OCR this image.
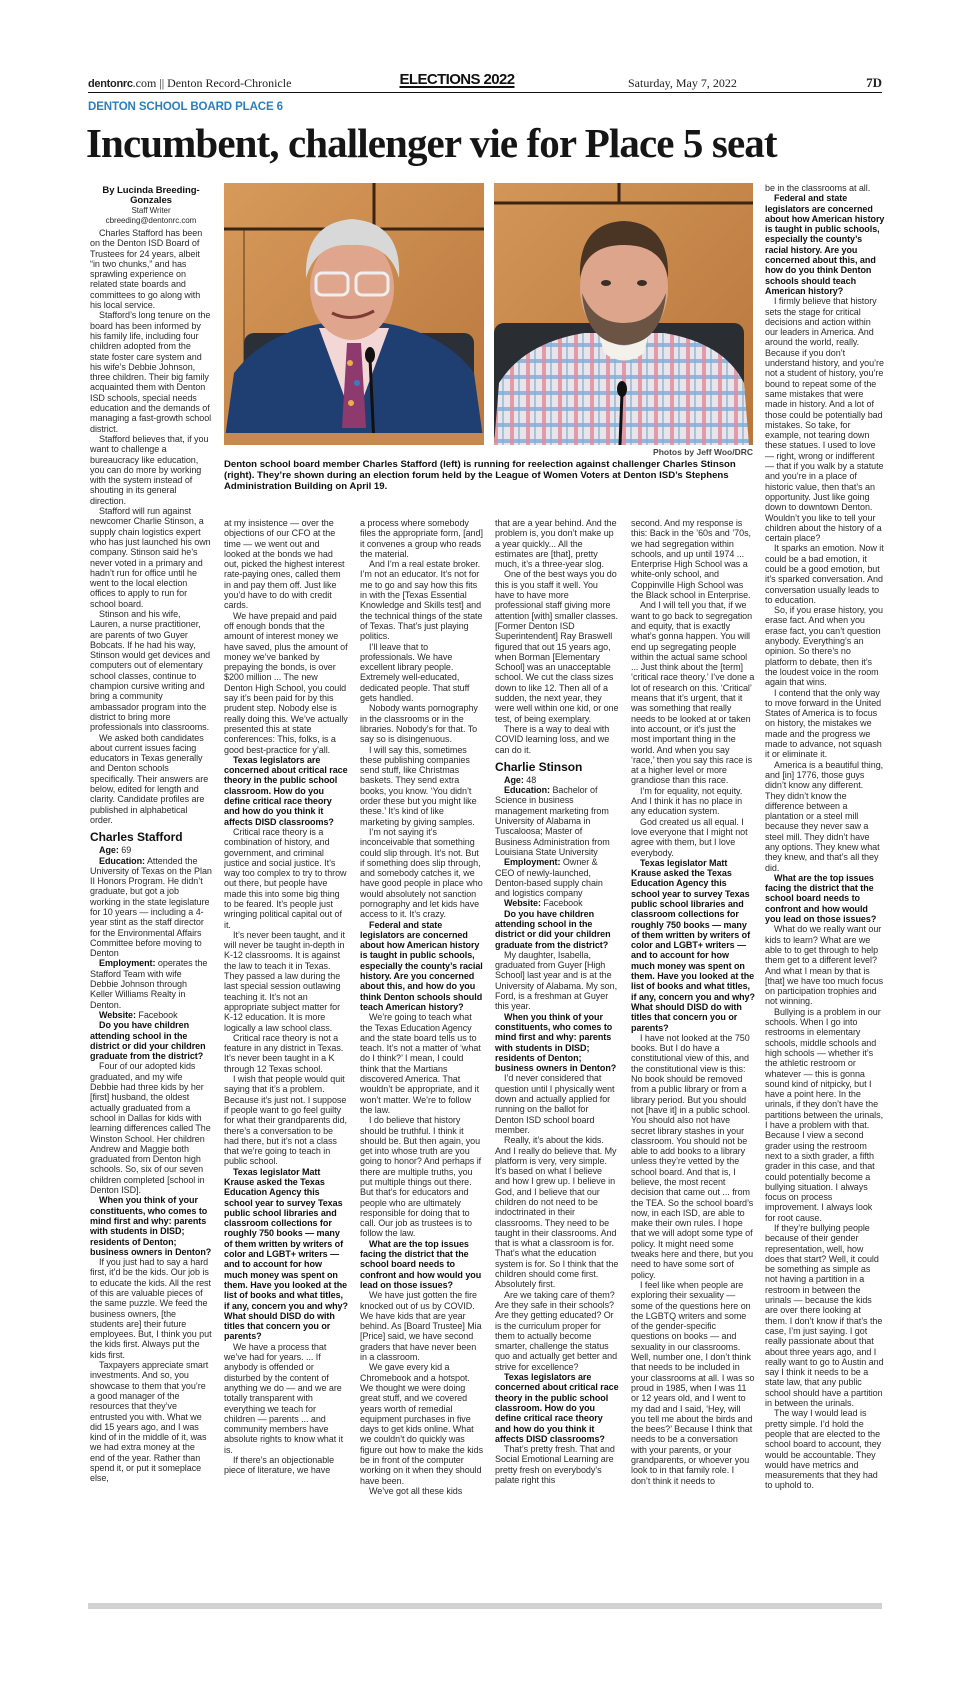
dentonrc.com || Denton Record-Chronicle	ELECTIONS 2022	Saturday, May 7, 2022	7D
DENTON SCHOOL BOARD PLACE 6
Incumbent, challenger vie for Place 5 seat
By Lucinda Breeding-Gonzales
Staff Writer
cbreeding@dentonrc.com

Charles Stafford has been on the Denton ISD Board of Trustees for 24 years, albeit “in two chunks,” and has sprawling experience on related state boards and committees to go along with his local service.

Stafford’s long tenure on the board has been informed by his family life, including four children adopted from the state foster care system and his wife’s Debbie Johnson, three children. Their big family acquainted them with Denton ISD schools, special needs education and the demands of managing a fast-growth school district.

Stafford believes that, if you want to challenge a bureaucracy like education, you can do more by working with the system instead of shouting in its general direction.

Stafford will run against newcomer Charlie Stinson, a supply chain logistics expert who has just launched his own company. Stinson said he’s never voted in a primary and hadn’t run for office until he went to the local election offices to apply to run for school board.

Stinson and his wife, Lauren, a nurse practitioner, are parents of two Guyer Bobcats. If he had his way, Stinson would get devices and computers out of elementary school classes, continue to champion cursive writing and bring a community ambassador program into the district to bring more professionals into classrooms.

We asked both candidates about current issues facing educators in Texas generally and Denton schools specifically. Their answers are below, edited for length and clarity. Candidate profiles are published in alphabetical order.

Charles Stafford

Age: 69

Education: Attended the University of Texas on the Plan II Honors Program. He didn’t graduate, but got a job working in the state legislature for 10 years — including a 4-year stint as the staff director for the Environmental Affairs Committee before moving to Denton

Employment: operates the Stafford Team with wife Debbie Johnson through Keller Williams Realty in Denton.

Website: Facebook

Do you have children attending school in the district or did your children graduate from the district?

Four of our adopted kids graduated, and my wife Debbie had three kids by her [first] husband, the oldest actually graduated from a school in Dallas for kids with learning differences called The Winston School. Her children Andrew and Maggie both graduated from Denton high schools. So, six of our seven children completed [school in Denton ISD].

When you think of your constituents, who comes to mind first and why: parents with students in DISD; residents of Denton; business owners in Denton?

If you just had to say a hard first, it’d be the kids. Our job is to educate the kids. All the rest of this are valuable pieces of the same puzzle. We feed the business owners, [the students are] their future employees. But, I think you put the kids first. Always put the kids first.

Taxpayers appreciate smart investments. And so, you showcase to them that you’re a good manager of the resources that they’ve entrusted you with. What we did 15 years ago, and I was kind of in the middle of it, was we had extra money at the end of the year. Rather than spend it, or put it someplace else,

Photos by Jeff Woo/DRC
Denton school board member Charles Stafford (left) is running for reelection against challenger Charles Stinson (right). They’re shown during an election forum held by the League of Women Voters at Denton ISD’s Stephens Administration Building on April 19.

at my insistence — over the objections of our CFO at the time — we went out and looked at the bonds we had out, picked the highest interest rate-paying ones, called them in and pay them off. Just like you’d have to do with credit cards.

We have prepaid and paid off enough bonds that the amount of interest money we have saved, plus the amount of money we’ve banked by prepaying the bonds, is over $200 million ... The new Denton High School, you could say it’s been paid for by this prudent step. Nobody else is really doing this. We’ve actually presented this at state conferences: This, folks, is a good best-practice for y’all.

Texas legislators are concerned about critical race theory in the public school classroom. How do you define critical race theory and how do you think it affects DISD classrooms?

Critical race theory is a combination of history, and government, and criminal justice and social justice. It’s way too complex to try to throw out there, but people have made this into some big thing to be feared. It’s people just wringing political capital out of it.

It’s never been taught, and it will never be taught in-depth in K-12 classrooms. It is against the law to teach it in Texas. They passed a law during the last special session outlawing teaching it. It’s not an appropriate subject matter for K-12 education. It is more logically a law school class.

Critical race theory is not a feature in any district in Texas. It’s never been taught in a K through 12 Texas school.

I wish that people would quit saying that it’s a problem. Because it’s just not. I suppose if people want to go feel guilty for what their grandparents did, there’s a conversation to be had there, but it’s not a class that we’re going to teach in public school.

Texas legislator Matt Krause asked the Texas Education Agency this school year to survey Texas public school libraries and classroom collections for roughly 750 books — many of them written by writers of color and LGBT+ writers — and to account for how much money was spent on them. Have you looked at the list of books and what titles, if any, concern you and why? What should DISD do with titles that concern you or parents?

We have a process that we’ve had for years. ... If anybody is offended or disturbed by the content of anything we do — and we are totally transparent with everything we teach for children — parents ... and community members have absolute rights to know what it is.

If there’s an objectionable piece of literature, we have

a process where somebody files the appropriate form, [and] it convenes a group who reads the material.

And I’m a real estate broker. I’m not an educator. It’s not for me to go and say how this fits in with the [Texas Essential Knowledge and Skills test] and the technical things of the state of Texas. That’s just playing politics.

I’ll leave that to professionals. We have excellent library people. Extremely well-educated, dedicated people. That stuff gets handled.

Nobody wants pornography in the classrooms or in the libraries. Nobody’s for that. To say so is disingenuous.

I will say this, sometimes these publishing companies send stuff, like Christmas baskets. They send extra books, you know. ‘You didn’t order these but you might like these.’ It’s kind of like marketing by giving samples.

I’m not saying it’s inconceivable that something could slip through. It’s not. But if something does slip through, and somebody catches it, we have good people in place who would absolutely not sanction pornography and let kids have access to it. It’s crazy.

Federal and state legislators are concerned about how American history is taught in public schools, especially the county’s racial history. Are you concerned about this, and how do you think Denton schools should teach American history?

We’re going to teach what the Texas Education Agency and the state board tells us to teach. It’s not a matter of ‘what do I think?’ I mean, I could think that the Martians discovered America. That wouldn’t be appropriate, and it won’t matter. We’re to follow the law.

I do believe that history should be truthful. I think it should be. But then again, you get into whose truth are you going to honor? And perhaps if there are multiple truths, you put multiple things out there. But that’s for educators and people who are ultimately responsible for doing that to call. Our job as trustees is to follow the law.

What are the top issues facing the district that the school board needs to confront and how would you lead on those issues?

We have just gotten the fire knocked out of us by COVID. We have kids that are year behind. As [Board Trustee] Mia [Price] said, we have second graders that have never been in a classroom.

We gave every kid a Chromebook and a hotspot. We thought we were doing great stuff, and we covered years worth of remedial equipment purchases in five days to get kids online. What we couldn’t do quickly was figure out how to make the kids be in front of the computer working on it when they should have been.

We’ve got all these kids

that are a year behind. And the problem is, you don’t make up a year quickly... All the estimates are [that], pretty much, it’s a three-year slog.

One of the best ways you do this is you staff it well. You have to have more professional staff giving more attention [with] smaller classes. [Former Denton ISD Superintendent] Ray Braswell figured that out 15 years ago, when Borman [Elementary School] was an unacceptable school. We cut the class sizes down to like 12. Then all of a sudden, the next year, they were well within one kid, or one test, of being exemplary.

There is a way to deal with COVID learning loss, and we can do it.

Charlie Stinson

Age: 48

Education: Bachelor of Science in business management marketing from University of Alabama in Tuscaloosa; Master of Business Administration from Louisiana State University

Employment: Owner & CEO of newly-launched, Denton-based supply chain and logistics company

Website: Facebook

Do you have children attending school in the district or did your children graduate from the district?

My daughter, Isabella, graduated from Guyer [High School] last year and is at the University of Alabama. My son, Ford, is a freshman at Guyer this year.

When you think of your constituents, who comes to mind first and why: parents with students in DISD; residents of Denton; business owners in Denton?

I’d never considered that question until I physically went down and actually applied for running on the ballot for Denton ISD school board member.

Really, it’s about the kids. And I really do believe that. My platform is very, very simple. It’s based on what I believe and how I grew up. I believe in God, and I believe that our children do not need to be indoctrinated in their classrooms. They need to be taught in their classrooms. And that is what a classroom is for. That’s what the education system is for. So I think that the children should come first. Absolutely first.

Are we taking care of them? Are they safe in their schools? Are they getting educated? Or is the curriculum proper for them to actually become smarter, challenge the status quo and actually get better and strive for excellence?

Texas legislators are concerned about critical race theory in the public school classroom. How do you define critical race theory and how do you think it affects DISD classrooms?

That’s pretty fresh. That and Social Emotional Learning are pretty fresh on everybody’s palate right this

second. And my response is this: Back in the ’60s and ’70s, we had segregation within schools, and up until 1974 ... Enterprise High School was a white-only school, and Coppinville High School was the Black school in Enterprise.

And I will tell you that, if we want to go back to segregation and equity, that is exactly what’s gonna happen. You will end up segregating people within the actual same school ... Just think about the [term] ‘critical race theory.’ I’ve done a lot of research on this. ‘Critical’ means that it’s urgent, that it was something that really needs to be looked at or taken into account, or it’s just the most important thing in the world. And when you say ‘race,’ then you say this race is at a higher level or more grandiose than this race.

I’m for equality, not equity. And I think it has no place in any education system.

God created us all equal. I love everyone that I might not agree with them, but I love everybody.

Texas legislator Matt Krause asked the Texas Education Agency this school year to survey Texas public school libraries and classroom collections for roughly 750 books — many of them written by writers of color and LGBT+ writers — and to account for how much money was spent on them. Have you looked at the list of books and what titles, if any, concern you and why? What should DISD do with titles that concern you or parents?

I have not looked at the 750 books. But I do have a constitutional view of this, and the constitutional view is this: No book should be removed from a public library or from a library period. But you should not [have it] in a public school. You should also not have secret library stashes in your classroom. You should not be able to add books to a library unless they’re vetted by the school board. And that is, I believe, the most recent decision that came out ... from the TEA. So the school board’s now, in each ISD, are able to make their own rules. I hope that we will adopt some type of policy. It might need some tweaks here and there, but you need to have some sort of policy.

I feel like when people are exploring their sexuality — some of the questions here on the LGBTQ writers and some of the gender-specific questions on books — and sexuality in our classrooms. Well, number one, I don’t think that needs to be included in your classrooms at all. I was so proud in 1985, when I was 11 or 12 years old, and I went to my dad and I said, ‘Hey, will you tell me about the birds and the bees?’ Because I think that needs to be a conversation with your parents, or your grandparents, or whoever you look to in that family role. I don’t think it needs to

be in the classrooms at all.

Federal and state legislators are concerned about how American history is taught in public schools, especially the county’s racial history. Are you concerned about this, and how do you think Denton schools should teach American history?

I firmly believe that history sets the stage for critical decisions and action within our leaders in America. And around the world, really. Because if you don’t understand history, and you’re not a student of history, you’re bound to repeat some of the same mistakes that were made in history. And a lot of those could be potentially bad mistakes. So take, for example, not tearing down these statues. I used to love — right, wrong or indifferent — that if you walk by a statute and you’re in a place of historic value, then that’s an opportunity. Just like going down to downtown Denton. Wouldn’t you like to tell your children about the history of a certain place?

It sparks an emotion. Now it could be a bad emotion, it could be a good emotion, but it’s sparked conversation. And conversation usually leads to to education.

So, if you erase history, you erase fact. And when you erase fact, you can’t question anybody. Everything’s an opinion. So there’s no platform to debate, then it’s the loudest voice in the room again that wins.

I contend that the only way to move forward in the United States of America is to focus on history, the mistakes we made and the progress we made to advance, not squash it or eliminate it.

America is a beautiful thing, and [in] 1776, those guys didn’t know any different. They didn’t know the difference between a plantation or a steel mill because they never saw a steel mill. They didn’t have any options. They knew what they knew, and that’s all they did.

What are the top issues facing the district that the school board needs to confront and how would you lead on those issues?

What do we really want our kids to learn? What are we able to to get through to help them get to a different level? And what I mean by that is [that] we have too much focus on participation trophies and not winning.

Bullying is a problem in our schools. When I go into restrooms in elementary schools, middle schools and high schools — whether it’s the athletic restroom or whatever — this is gonna sound kind of nitpicky, but I have a point here. In the urinals, if they don’t have the partitions between the urinals, I have a problem with that. Because I view a second grader using the restroom next to a sixth grader, a fifth grader in this case, and that could potentially become a bullying situation. I always focus on process improvement. I always look for root cause.

If they’re bullying people because of their gender representation, well, how does that start? Well, it could be something as simple as not having a partition in a restroom in between the urinals — because the kids are over there looking at them. I don’t know if that’s the case, I’m just saying. I got really passionate about that about three years ago, and I really want to go to Austin and say I think it needs to be a state law, that any public school should have a partition in between the urinals.

The way I would lead is pretty simple. I’d hold the people that are elected to the school board to account, they would be accountable. They would have metrics and measurements that they had to uphold to.
